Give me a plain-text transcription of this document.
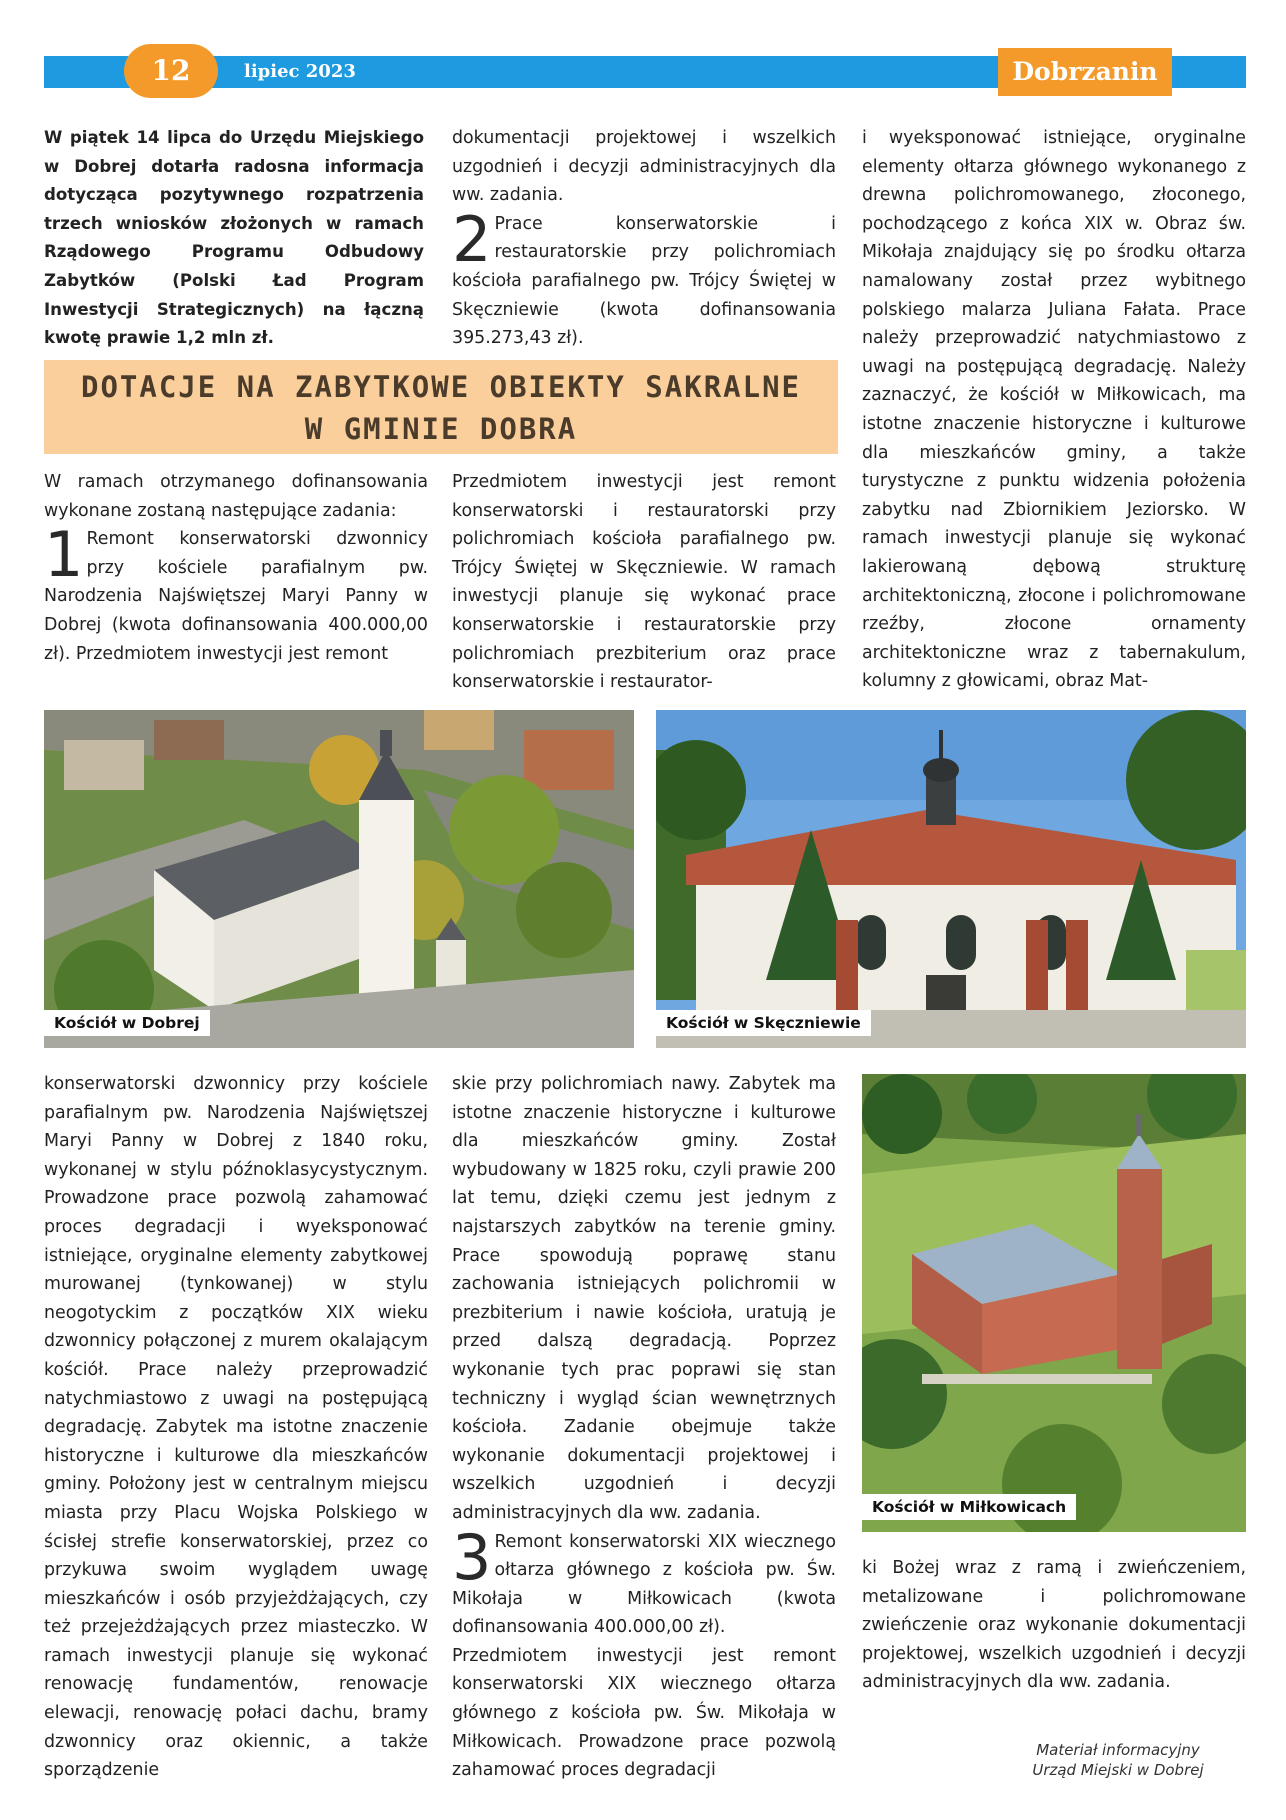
12	lipiec 2023	Dobrzanin

W piątek 14 lipca do Urzędu Miejskiego w Dobrej dotarła radosna informacja dotycząca pozytywnego rozpatrzenia trzech wniosków złożonych w ramach Rządowego Programu Odbudowy Zabytków (Polski Ład Program Inwestycji Strategicznych) na łączną kwotę prawie 1,2 mln zł.

dokumentacji projektowej i wszelkich uzgodnień i decyzji administracyjnych dla ww. zadania.

2 Prace konserwatorskie i restauratorskie przy polichromiach kościoła parafialnego pw. Trójcy Świętej w Skęczniewie (kwota dofinansowania 395.273,43 zł).

i wyeksponować istniejące, oryginalne elementy ołtarza głównego wykonanego z drewna polichromowanego, złoconego, pochodzącego z końca XIX w. Obraz św. Mikołaja znajdujący się po środku ołtarza namalowany został przez wybitnego polskiego malarza Juliana Fałata. Prace należy przeprowadzić natychmiastowo z uwagi na postępującą degradację. Należy zaznaczyć, że kościół w Miłkowicach, ma istotne znaczenie historyczne i kulturowe dla mieszkańców gminy, a także turystyczne z punktu widzenia położenia zabytku nad Zbiornikiem Jeziorsko. W ramach inwestycji planuje się wykonać lakierowaną dębową strukturę architektoniczną, złocone i polichromowane rzeźby, złocone ornamenty architektoniczne wraz z tabernakulum, kolumny z głowicami, obraz Mat-

DOTACJE NA ZABYTKOWE OBIEKTY SAKRALNE
W GMINIE DOBRA

W ramach otrzymanego dofinansowania wykonane zostaną następujące zadania:

1 Remont konserwatorski dzwonnicy przy kościele parafialnym pw. Narodzenia Najświętszej Maryi Panny w Dobrej (kwota dofinansowania 400.000,00 zł). Przedmiotem inwestycji jest remont

Przedmiotem inwestycji jest remont konserwatorski i restauratorski przy polichromiach kościoła parafialnego pw. Trójcy Świętej w Skęczniewie. W ramach inwestycji planuje się wykonać prace konserwatorskie i restauratorskie przy polichromiach prezbiterium oraz prace konserwatorskie i restaurator-

Kościół w Dobrej	Kościół w Skęczniewie
Kościół w Miłkowicach

konserwatorski dzwonnicy przy kościele parafialnym pw. Narodzenia Najświętszej Maryi Panny w Dobrej z 1840 roku, wykonanej w stylu późnoklasycystycznym. Prowadzone prace pozwolą zahamować proces degradacji i wyeksponować istniejące, oryginalne elementy zabytkowej murowanej (tynkowanej) w stylu neogotyckim z początków XIX wieku dzwonnicy połączonej z murem okalającym kościół. Prace należy przeprowadzić natychmiastowo z uwagi na postępującą degradację. Zabytek ma istotne znaczenie historyczne i kulturowe dla mieszkańców gminy. Położony jest w centralnym miejscu miasta przy Placu Wojska Polskiego w ścisłej strefie konserwatorskiej, przez co przykuwa swoim wyglądem uwagę mieszkańców i osób przyjeżdżających, czy też przejeżdżających przez miasteczko. W ramach inwestycji planuje się wykonać renowację fundamentów, renowacje elewacji, renowację połaci dachu, bramy dzwonnicy oraz okiennic, a także sporządzenie

skie przy polichromiach nawy. Zabytek ma istotne znaczenie historyczne i kulturowe dla mieszkańców gminy. Został wybudowany w 1825 roku, czyli prawie 200 lat temu, dzięki czemu jest jednym z najstarszych zabytków na terenie gminy. Prace spowodują poprawę stanu zachowania istniejących polichromii w prezbiterium i nawie kościoła, uratują je przed dalszą degradacją. Poprzez wykonanie tych prac poprawi się stan techniczny i wygląd ścian wewnętrznych kościoła. Zadanie obejmuje także wykonanie dokumentacji projektowej i wszelkich uzgodnień i decyzji administracyjnych dla ww. zadania.

3 Remont konserwatorski XIX wiecznego ołtarza głównego z kościoła pw. Św. Mikołaja w Miłkowicach (kwota dofinansowania 400.000,00 zł).

Przedmiotem inwestycji jest remont konserwatorski XIX wiecznego ołtarza głównego z kościoła pw. Św. Mikołaja w Miłkowicach. Prowadzone prace pozwolą zahamować proces degradacji

ki Bożej wraz z ramą i zwieńczeniem, metalizowane i polichromowane zwieńczenie oraz wykonanie dokumentacji projektowej, wszelkich uzgodnień i decyzji administracyjnych dla ww. zadania.

Materiał informacyjny
Urząd Miejski w Dobrej
